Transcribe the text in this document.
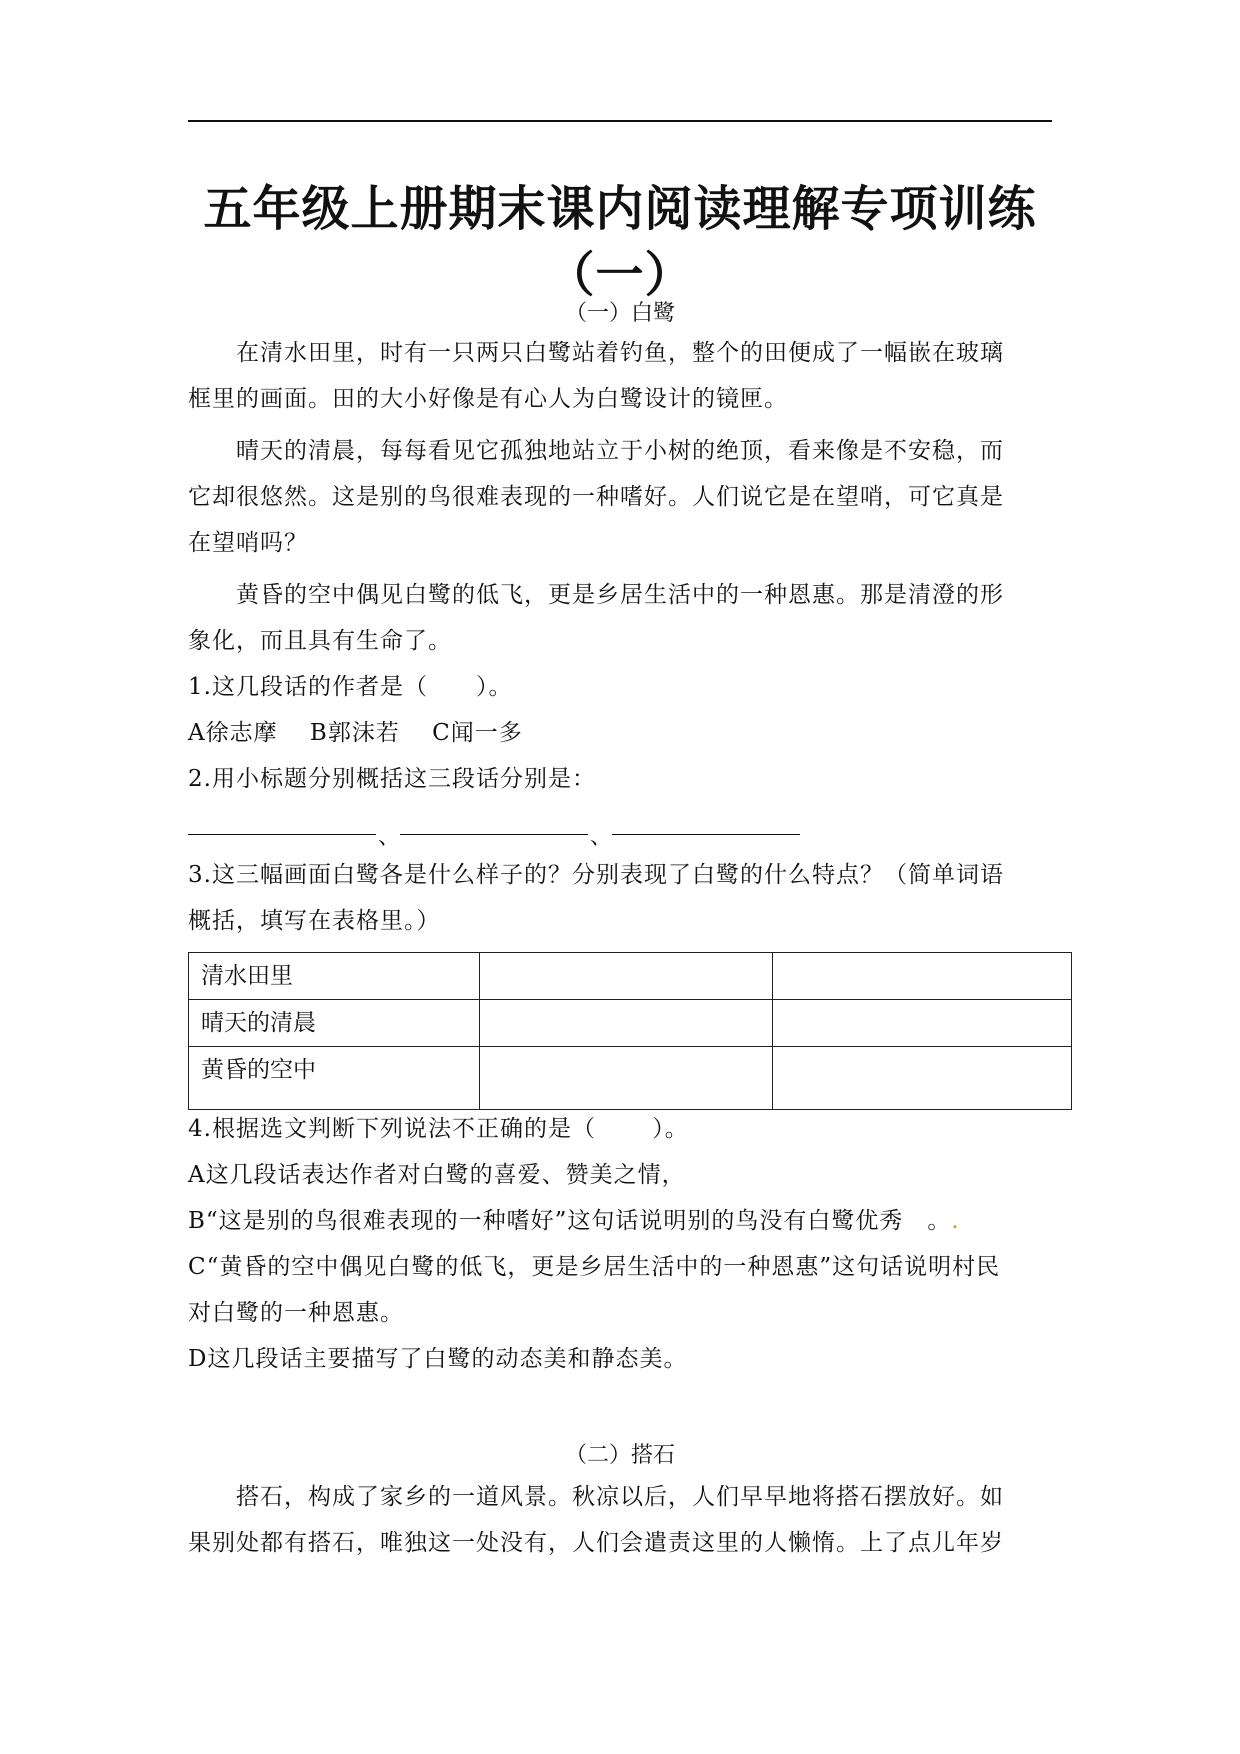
五年级上册期末课内阅读理解专项训练
（一）
（一）白鹭
在清水田里，时有一只两只白鹭站着钓鱼，整个的田便成了一幅嵌在玻璃
框里的画面。田的大小好像是有心人为白鹭设计的镜匣。
晴天的清晨，每每看见它孤独地站立于小树的绝顶，看来像是不安稳，而
它却很悠然。这是别的鸟很难表现的一种嗜好。人们说它是在望哨，可它真是
在望哨吗？
黄昏的空中偶见白鹭的低飞，更是乡居生活中的一种恩惠。那是清澄的形
象化，而且具有生命了。
1.这几段话的作者是（　　）。
A徐志摩　 B郭沫若　 C闻一多
2.用小标题分别概括这三段话分别是：
、	、
3.这三幅画面白鹭各是什么样子的？分别表现了白鹭的什么特点？（简单词语
概括，填写在表格里。）
清水田里		
晴天的清晨		
黄昏的空中		
4.根据选文判断下列说法不正确的是（　　 ）。
A这几段话表达作者对白鹭的喜爱、赞美之情，
B“这是别的鸟很难表现的一种嗜好”这句话说明别的鸟没有白鹭优秀　。.
C“黄昏的空中偶见白鹭的低飞，更是乡居生活中的一种恩惠”这句话说明村民
对白鹭的一种恩惠。
D这几段话主要描写了白鹭的动态美和静态美。
（二）搭石
搭石，构成了家乡的一道风景。秋凉以后，人们早早地将搭石摆放好。如
果别处都有搭石，唯独这一处没有，人们会遣责这里的人懒惰。上了点儿年岁
